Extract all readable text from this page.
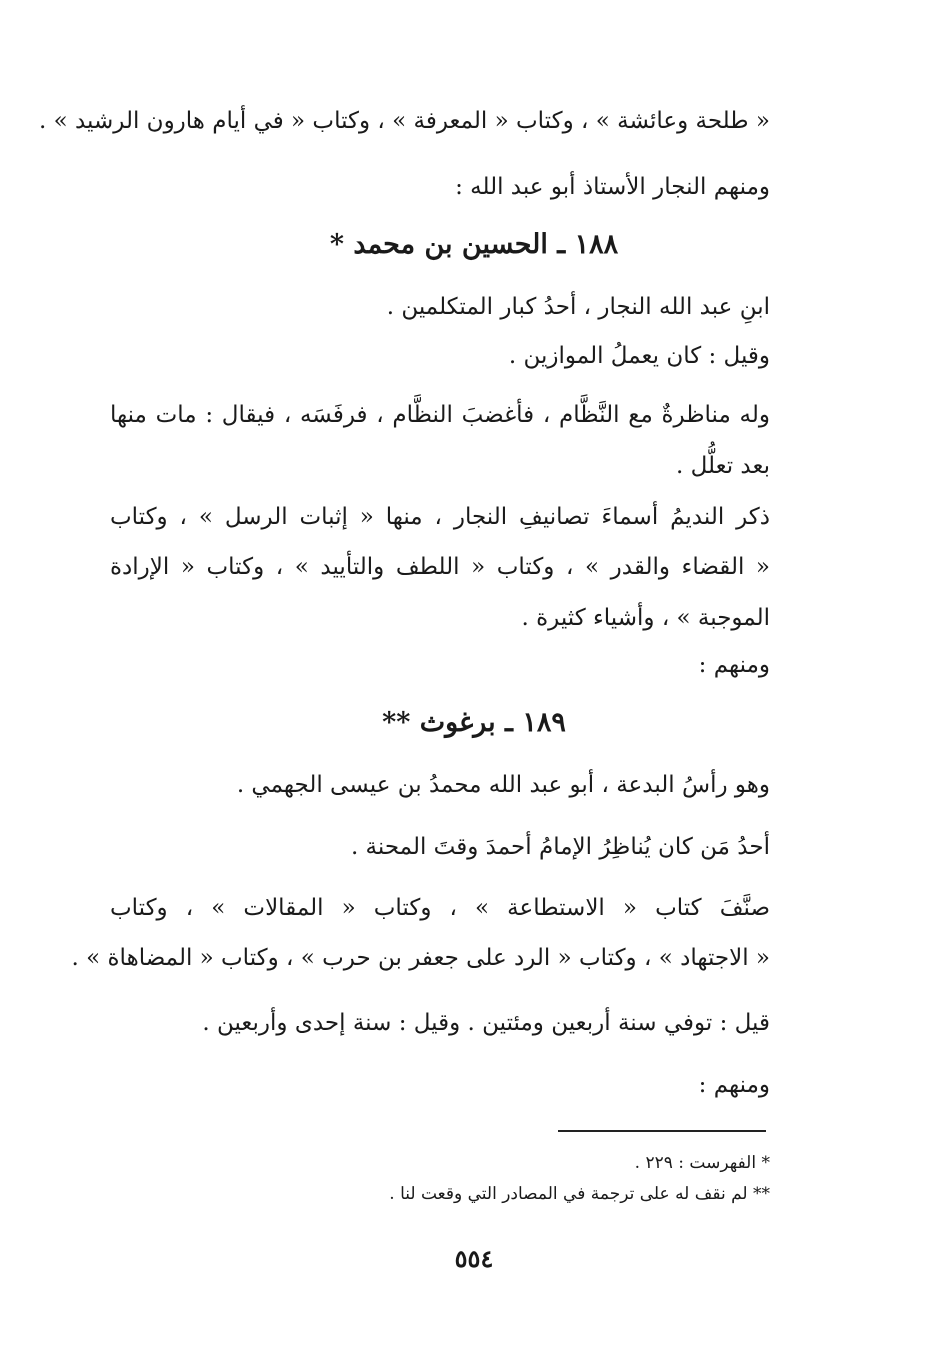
« طلحة وعائشة » ، وكتاب « المعرفة » ، وكتاب « في أيام هارون الرشيد » .
ومنهم النجار الأستاذ أبو عبد الله :
١٨٨ ـ الحسين بن محمد *
ابنِ عبد الله النجار ، أحدُ كبار المتكلمين .
وقيل : كان يعملُ الموازين .
وله مناظرةٌ مع النَّظَّام ، فأغضبَ النظَّام ، فرفَسَه ، فيقال : مات منها
بعد تعلُّل .
ذكر النديمُ أسماءَ تصانيفِ النجار ، منها « إثبات الرسل » ، وكتاب
« القضاء والقدر » ، وكتاب « اللطف والتأييد » ، وكتاب « الإرادة
الموجبة » ، وأشياء كثيرة .
ومنهم :
١٨٩ ـ برغوث **
وهو رأسُ البدعة ، أبو عبد الله محمدُ بن عيسى الجهمي .
أحدُ مَن كان يُناظِرُ الإمامُ أحمدَ وقتَ المحنة .
صنَّفَ كتاب « الاستطاعة » ، وكتاب « المقالات » ، وكتاب
« الاجتهاد » ، وكتاب « الرد على جعفر بن حرب » ، وكتاب « المضاهاة » .
قيل : توفي سنة أربعين ومئتين . وقيل : سنة إحدى وأربعين .
ومنهم :
* الفهرست : ٢٢٩ .
** لم نقف له على ترجمة في المصادر التي وقعت لنا .
٥٥٤
